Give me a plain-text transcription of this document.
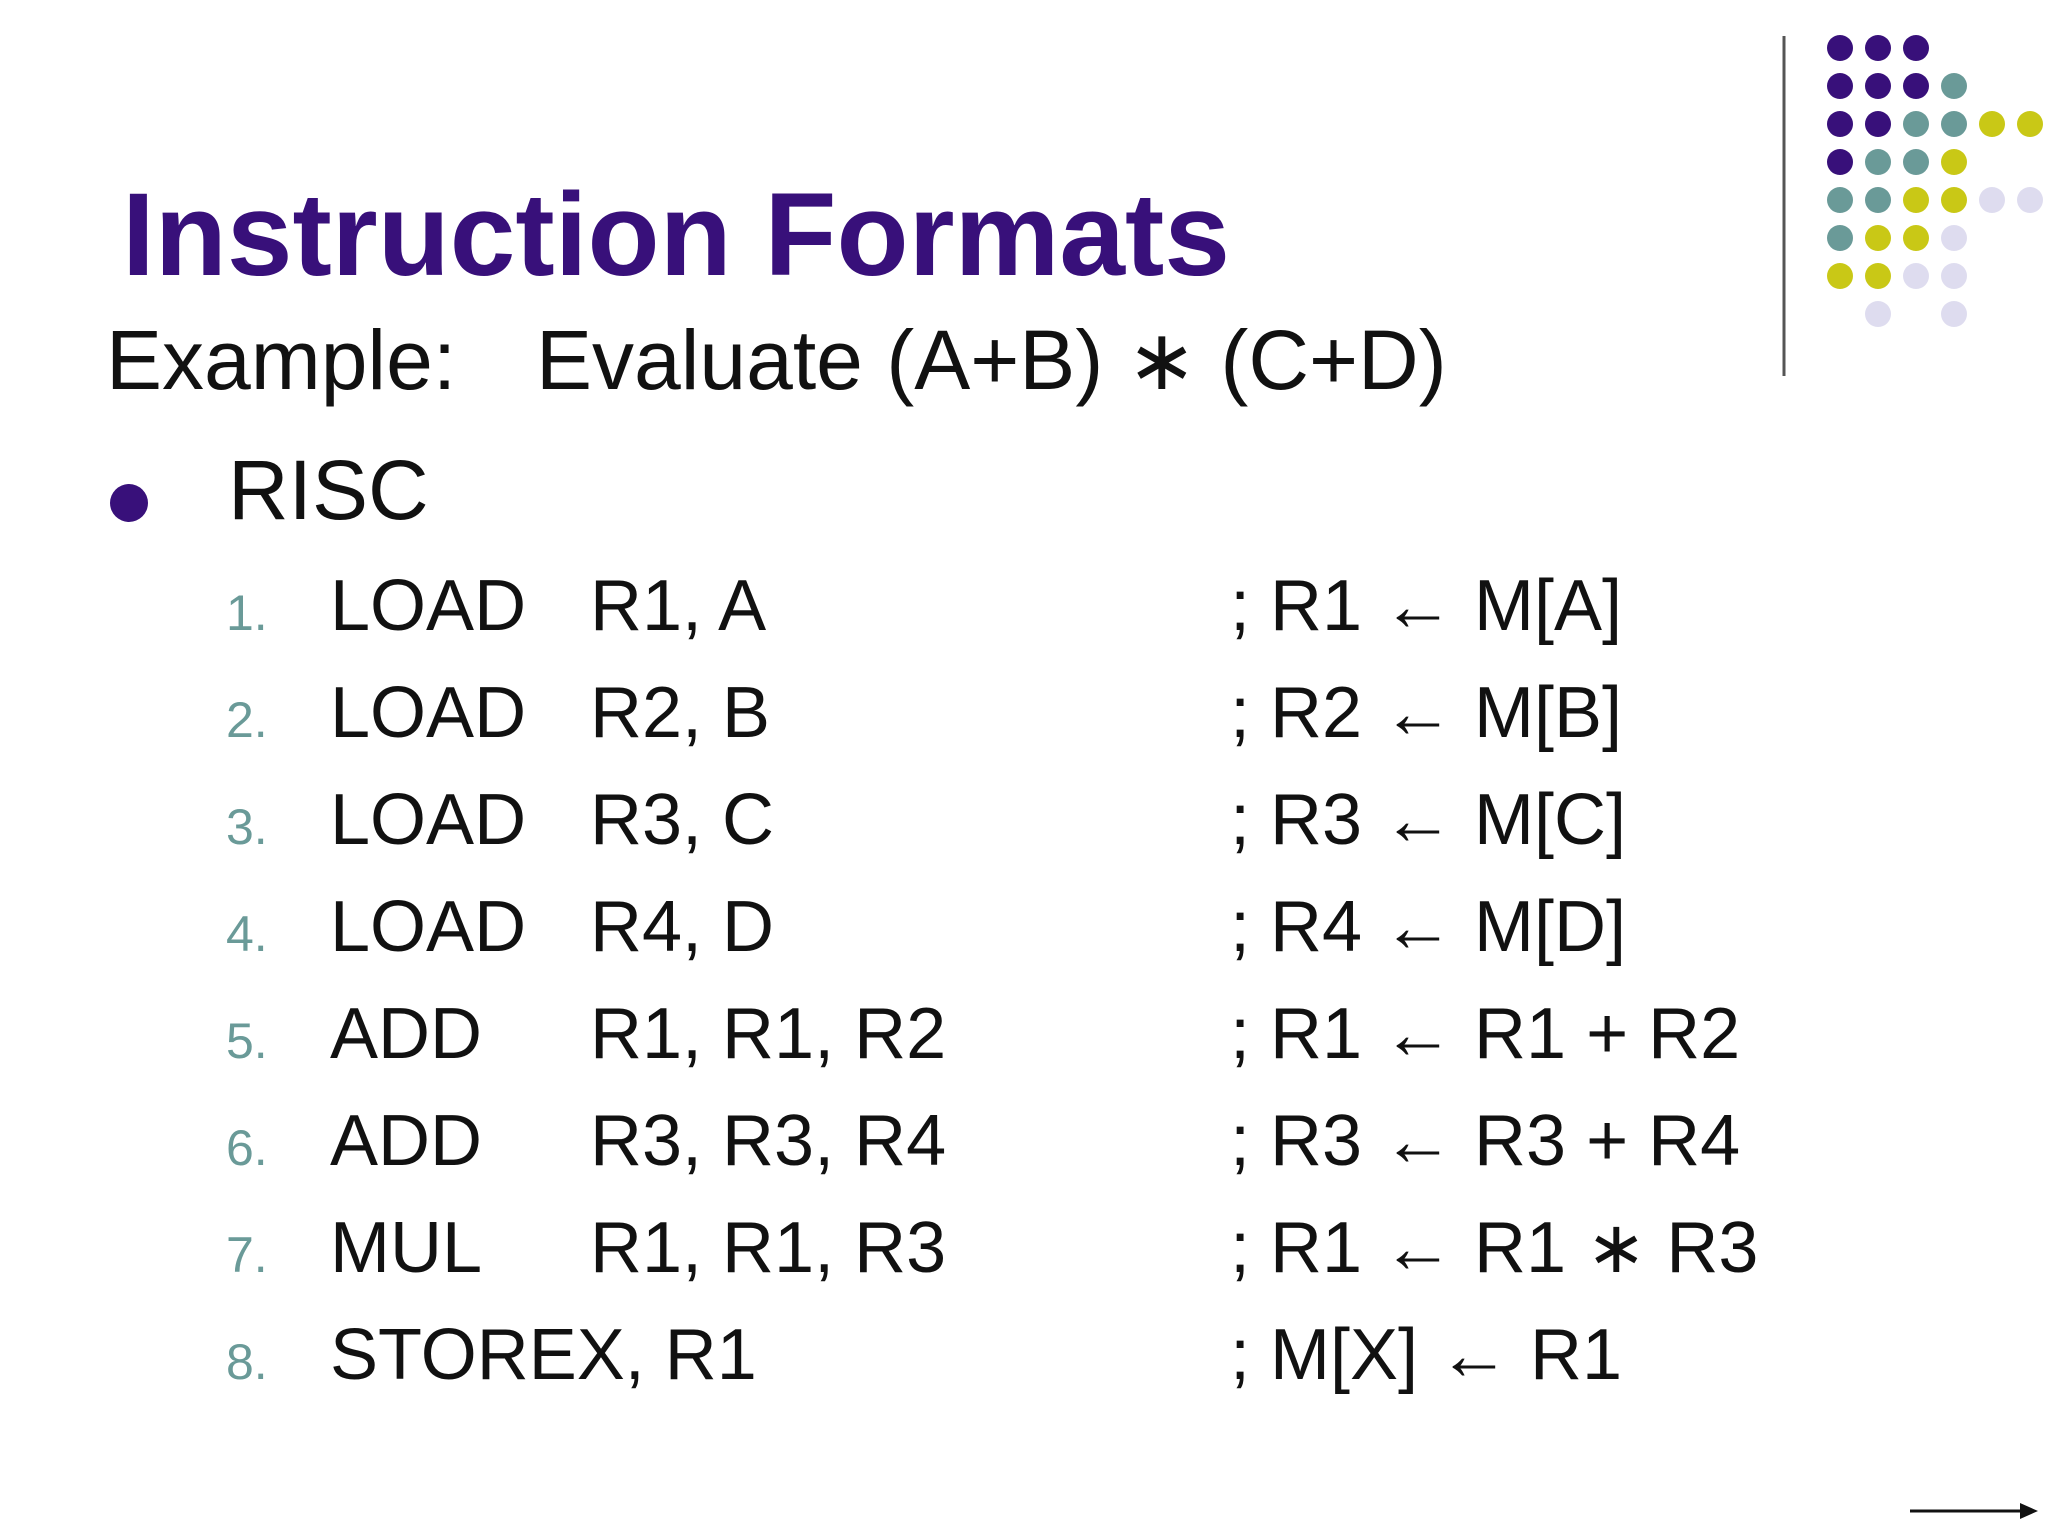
Instruction Formats
Example: Evaluate (A+B) ∗ (C+D)
RISC
1. LOAD R1, A	; R1 ← M[A]
2. LOAD R2, B	; R2 ← M[B]
3. LOAD R3, C	; R3 ← M[C]
4. LOAD R4, D	; R4 ← M[D]
5. ADD R1, R1, R2	; R1 ← R1 + R2
6. ADD R3, R3, R4	; R3 ← R3 + R4
7. MUL R1, R1, R3	; R1 ← R1 ∗ R3
8. STOREX, R1	; M[X] ← R1
